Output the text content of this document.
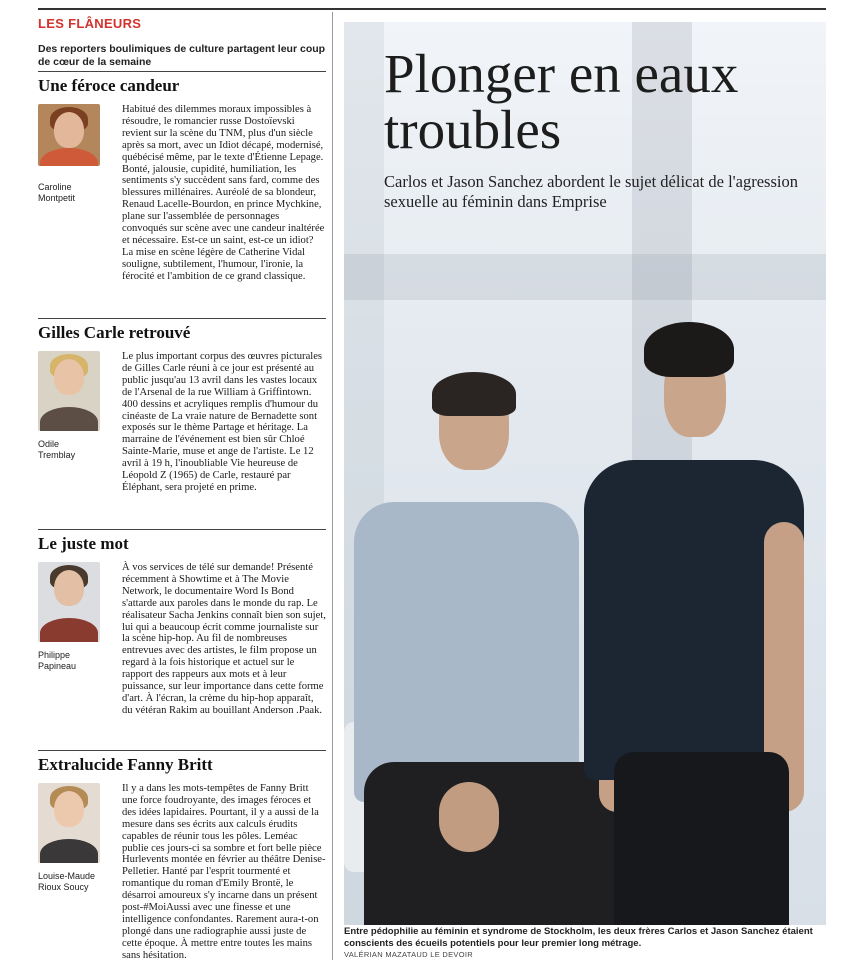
LES FLÂNEURS
Des reporters boulimiques de culture partagent leur coup de cœur de la semaine
Une féroce candeur
Caroline
Montpetit
Habitué des dilemmes moraux impossibles à résoudre, le romancier russe Dostoïevski revient sur la scène du TNM, plus d'un siècle après sa mort, avec un Idiot décapé, modernisé, québécisé même, par le texte d'Étienne Lepage. Bonté, jalousie, cupidité, humiliation, les sentiments s'y succèdent sans fard, comme des blessures millénaires. Auréolé de sa blondeur, Renaud Lacelle-Bourdon, en prince Mychkine, plane sur l'assemblée de personnages convoqués sur scène avec une candeur inaltérée et nécessaire. Est-ce un saint, est-ce un idiot? La mise en scène légère de Catherine Vidal souligne, subtilement, l'humour, l'ironie, la férocité et l'ambition de ce grand classique.
Gilles Carle retrouvé
Odile
Tremblay
Le plus important corpus des œuvres picturales de Gilles Carle réuni à ce jour est présenté au public jusqu'au 13 avril dans les vastes locaux de l'Arsenal de la rue William à Griffintown. 400 dessins et acryliques remplis d'humour du cinéaste de La vraie nature de Bernadette sont exposés sur le thème Partage et héritage. La marraine de l'événement est bien sûr Chloé Sainte-Marie, muse et ange de l'artiste. Le 12 avril à 19 h, l'inoubliable Vie heureuse de Léopold Z (1965) de Carle, restauré par Éléphant, sera projeté en prime.
Le juste mot
Philippe
Papineau
À vos services de télé sur demande! Présenté récemment à Showtime et à The Movie Network, le documentaire Word Is Bond s'attarde aux paroles dans le monde du rap. Le réalisateur Sacha Jenkins connaît bien son sujet, lui qui a beaucoup écrit comme journaliste sur la scène hip-hop. Au fil de nombreuses entrevues avec des artistes, le film propose un regard à la fois historique et actuel sur le rapport des rappeurs aux mots et à leur puissance, sur leur importance dans cette forme d'art. À l'écran, la crème du hip-hop apparaît, du vétéran Rakim au bouillant Anderson .Paak.
Extralucide Fanny Britt
Louise-Maude
Rioux Soucy
Il y a dans les mots-tempêtes de Fanny Britt une force foudroyante, des images féroces et des idées lapidaires. Pourtant, il y a aussi de la mesure dans ses écrits aux calculs érudits capables de réunir tous les pôles. Leméac publie ces jours-ci sa sombre et fort belle pièce Hurlevents montée en février au théâtre Denise-Pelletier. Hanté par l'esprit tourmenté et romantique du roman d'Emily Brontë, le désarroi amoureux s'y incarne dans un présent post-#MoiAussi avec une finesse et une intelligence confondantes. Rarement aura-t-on plongé dans une radiographie aussi juste de cette époque. À mettre entre toutes les mains sans hésitation.
Plonger en eaux troubles
Carlos et Jason Sanchez abordent le sujet délicat de l'agression sexuelle au féminin dans Emprise
Entre pédophilie au féminin et syndrome de Stockholm, les deux frères Carlos et Jason Sanchez étaient conscients des écueils potentiels pour leur premier long métrage.
VALÉRIAN MAZATAUD LE DEVOIR
